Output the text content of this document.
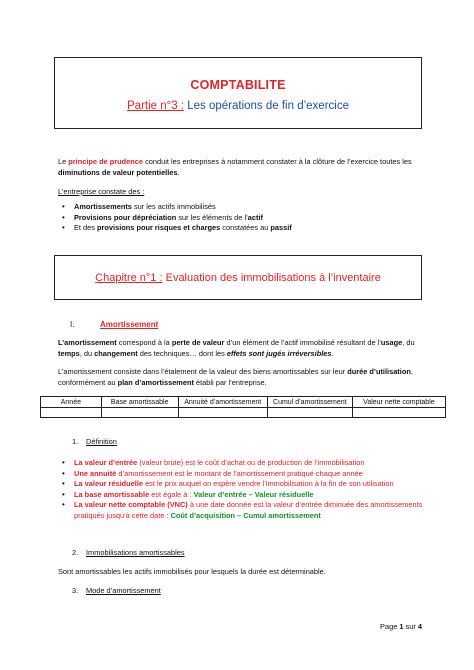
COMPTABILITE
Partie n°3 : Les opérations de fin d’exercice
Le principe de prudence conduit les entreprises à notamment constater à la clôture de l’exercice toutes les diminutions de valeur potentielles.
L’entreprise constate des :
• Amortissements sur les actifs immobilisés
• Provisions pour dépréciation sur les éléments de l’actif
• Et des provisions pour risques et charges constatées au passif
Chapitre n°1 : Evaluation des immobilisations à l’inventaire
I.	Amortissement
L’amortissement correspond à la perte de valeur d’un élément de l’actif immobilisé résultant de l’usage, du temps, du changement des techniques… dont les effets sont jugés irréversibles.
L’amortissement consiste dans l’étalement de la valeur des biens amortissables sur leur durée d’utilisation, conformément au plan d’amortissement établi par l’entreprise.
Année	Base amortissable	Annuité d’amortissement	Cumul d’amortissement	Valeur nette comptable

1. Définition
• La valeur d’entrée (valeur brute) est le coût d’achat ou de production de l’immobilisation
• Une annuité d’amortissement est le montant de l’amortissement pratiqué chaque année
• La valeur résiduelle est le prix auquel on espère vendre l’immobilisation à la fin de son utilisation
• La base amortissable est égale à : Valeur d’entrée – Valeur résiduelle
• La valeur nette comptable (VNC) à une date donnée est la valeur d’entrée diminuée des amortissements pratiqués jusqu’à cette date : Coût d’acquisition – Cumul amortissement
2. Immobilisations amortissables
Sont amortissables les actifs immobilisés pour lesquels la durée est déterminable.
3. Mode d’amortissement
Page 1 sur 4
